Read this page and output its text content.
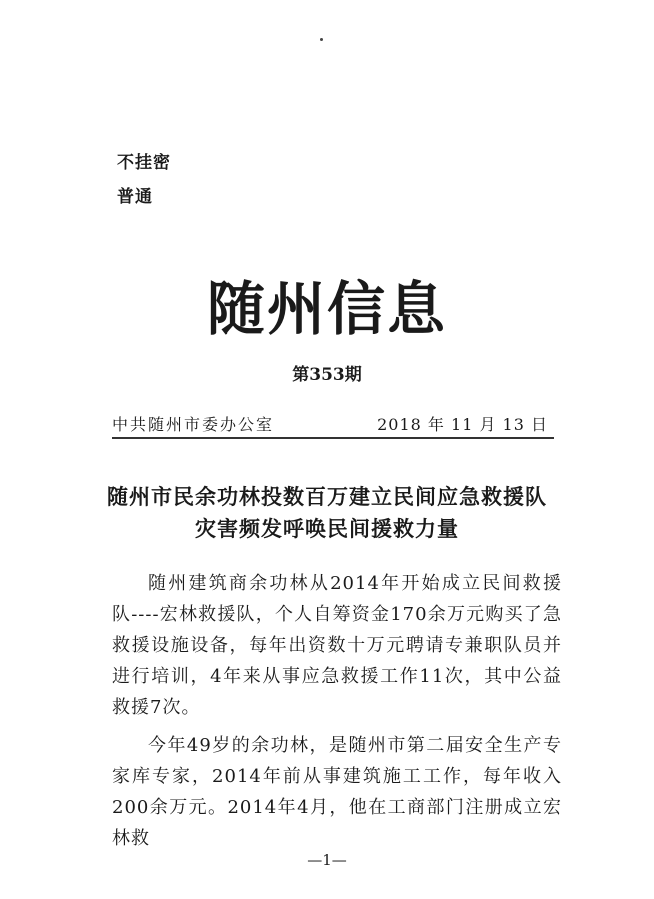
不挂密
普通
随州信息
第353期
中共随州市委办公室	2018 年 11 月 13 日
随州市民余功林投数百万建立民间应急救援队
灾害频发呼唤民间援救力量

随州建筑商余功林从2014年开始成立民间救援队----宏林救援队，个人自筹资金170余万元购买了急救援设施设备，每年出资数十万元聘请专兼职队员并进行培训，4年来从事应急救援工作11次，其中公益救援7次。

今年49岁的余功林，是随州市第二届安全生产专家库专家，2014年前从事建筑施工工作，每年收入200余万元。2014年4月，他在工商部门注册成立宏林救

—1—
